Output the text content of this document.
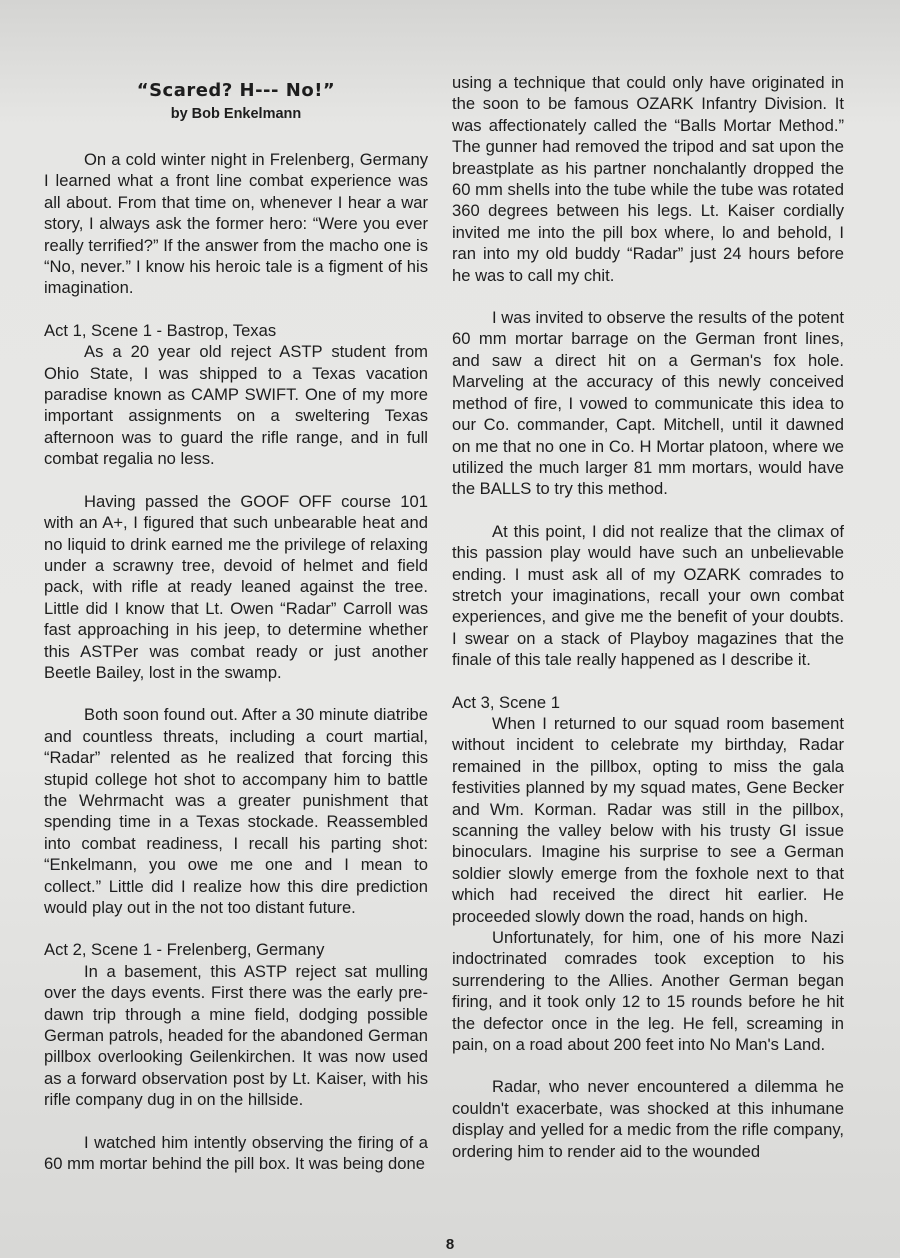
“Scared? H--- No!”
by Bob Enkelmann

On a cold winter night in Frelenberg, Germany I learned what a front line combat experience was all about. From that time on, whenever I hear a war story, I always ask the former hero: “Were you ever really terrified?” If the answer from the macho one is “No, never.” I know his heroic tale is a figment of his imagination.

Act 1, Scene 1 - Bastrop, Texas

As a 20 year old reject ASTP student from Ohio State, I was shipped to a Texas vacation paradise known as CAMP SWIFT. One of my more important assignments on a sweltering Texas afternoon was to guard the rifle range, and in full combat regalia no less.

Having passed the GOOF OFF course 101 with an A+, I figured that such unbearable heat and no liquid to drink earned me the privilege of relaxing under a scrawny tree, devoid of helmet and field pack, with rifle at ready leaned against the tree. Little did I know that Lt. Owen “Radar” Carroll was fast approaching in his jeep, to determine whether this ASTPer was combat ready or just another Beetle Bailey, lost in the swamp.

Both soon found out. After a 30 minute diatribe and countless threats, including a court martial, “Radar” relented as he realized that forcing this stupid college hot shot to accompany him to battle the Wehrmacht was a greater punishment that spending time in a Texas stockade. Reassembled into combat readiness, I recall his parting shot: “Enkelmann, you owe me one and I mean to collect.” Little did I realize how this dire prediction would play out in the not too distant future.

Act 2, Scene 1 - Frelenberg, Germany

In a basement, this ASTP reject sat mulling over the days events. First there was the early pre-dawn trip through a mine field, dodging possible German patrols, headed for the abandoned German pillbox overlooking Geilenkirchen. It was now used as a forward observation post by Lt. Kaiser, with his rifle company dug in on the hillside.

I watched him intently observing the firing of a 60 mm mortar behind the pill box. It was being done

using a technique that could only have originated in the soon to be famous OZARK Infantry Division. It was affectionately called the “Balls Mortar Method.” The gunner had removed the tripod and sat upon the breastplate as his partner nonchalantly dropped the 60 mm shells into the tube while the tube was rotated 360 degrees between his legs. Lt. Kaiser cordially invited me into the pill box where, lo and behold, I ran into my old buddy “Radar” just 24 hours before he was to call my chit.

I was invited to observe the results of the potent 60 mm mortar barrage on the German front lines, and saw a direct hit on a German's fox hole. Marveling at the accuracy of this newly conceived method of fire, I vowed to communicate this idea to our Co. commander, Capt. Mitchell, until it dawned on me that no one in Co. H Mortar platoon, where we utilized the much larger 81 mm mortars, would have the BALLS to try this method.

At this point, I did not realize that the climax of this passion play would have such an unbelievable ending. I must ask all of my OZARK comrades to stretch your imaginations, recall your own combat experiences, and give me the benefit of your doubts. I swear on a stack of Playboy magazines that the finale of this tale really happened as I describe it.

Act 3, Scene 1

When I returned to our squad room basement without incident to celebrate my birthday, Radar remained in the pillbox, opting to miss the gala festivities planned by my squad mates, Gene Becker and Wm. Korman. Radar was still in the pillbox, scanning the valley below with his trusty GI issue binoculars. Imagine his surprise to see a German soldier slowly emerge from the foxhole next to that which had received the direct hit earlier. He proceeded slowly down the road, hands on high.

Unfortunately, for him, one of his more Nazi indoctrinated comrades took exception to his surrendering to the Allies. Another German began firing, and it took only 12 to 15 rounds before he hit the defector once in the leg. He fell, screaming in pain, on a road about 200 feet into No Man's Land.

Radar, who never encountered a dilemma he couldn't exacerbate, was shocked at this inhumane display and yelled for a medic from the rifle company, ordering him to render aid to the wounded

8
